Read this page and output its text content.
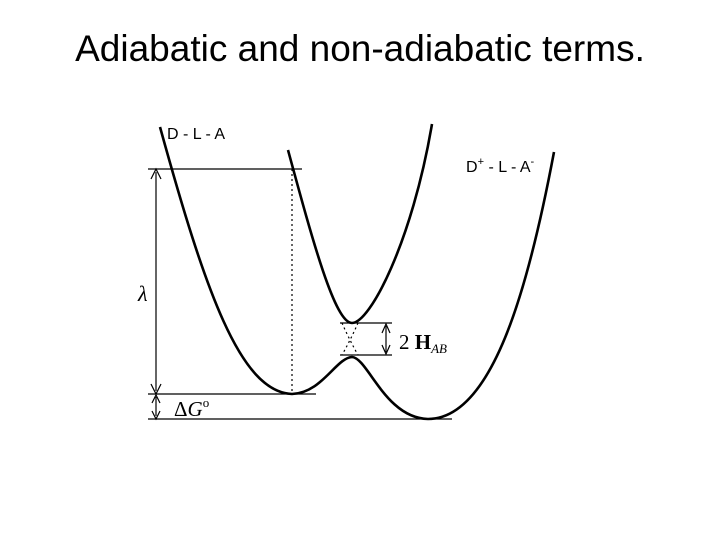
Adiabatic and non-adiabatic terms.
D - L - A
D+ - L - A-
λ
$\Delta G^o$
2 HAB
